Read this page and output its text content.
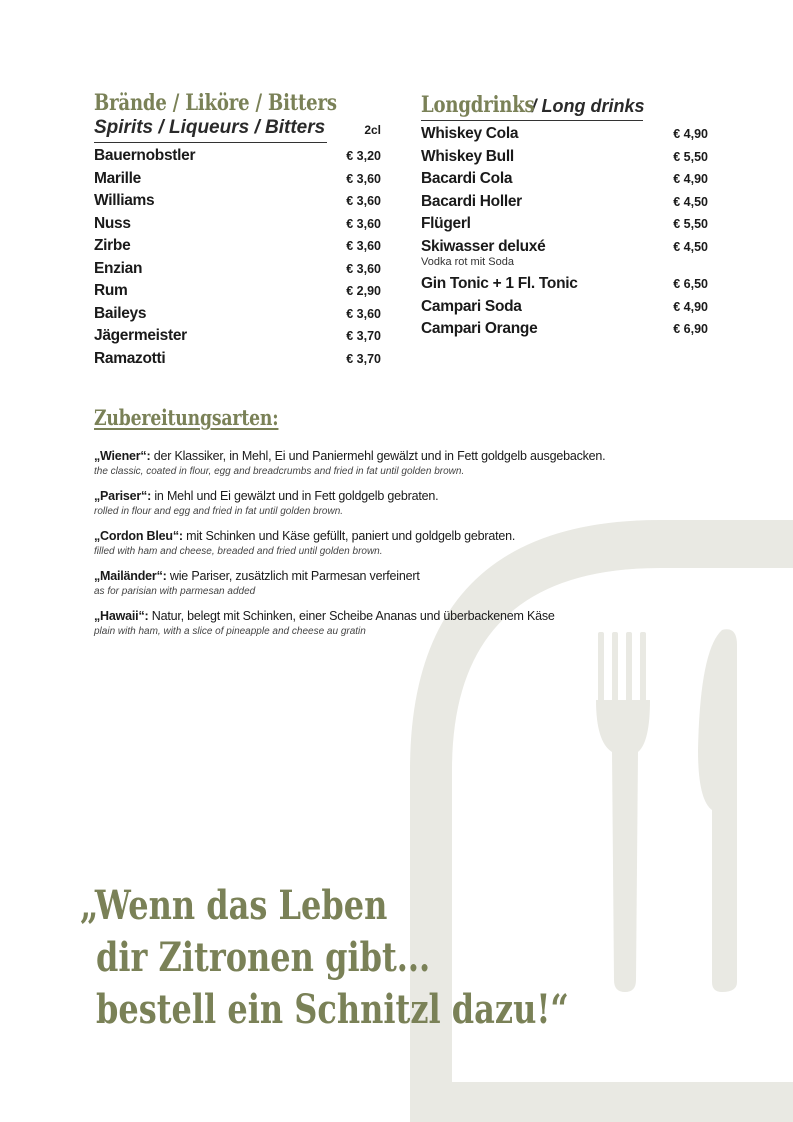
Brände / Liköre / Bitters
Spirits / Liqueurs / Bitters	2cl
Bauernobstler	€ 3,20
Marille	€ 3,60
Williams	€ 3,60
Nuss	€ 3,60
Zirbe	€ 3,60
Enzian	€ 3,60
Rum	€ 2,90
Baileys	€ 3,60
Jägermeister	€ 3,70
Ramazotti	€ 3,70
Longdrinks
/ Long drinks
Whiskey Cola	€ 4,90
Whiskey Bull	€ 5,50
Bacardi Cola	€ 4,90
Bacardi Holler	€ 4,50
Flügerl	€ 5,50
Skiwasser deluxé	€ 4,50
Vodka rot mit Soda
Gin Tonic + 1 Fl. Tonic	€ 6,50
Campari Soda	€ 4,90
Campari Orange	€ 6,90
Zubereitungsarten:
„Wiener“: der Klassiker, in Mehl, Ei und Paniermehl gewälzt und in Fett goldgelb ausgebacken.
the classic, coated in flour, egg and breadcrumbs and fried in fat until golden brown.
„Pariser“: in Mehl und Ei gewälzt und in Fett goldgelb gebraten.
rolled in flour and egg and fried in fat until golden brown.
„Cordon Bleu“: mit Schinken und Käse gefüllt, paniert und goldgelb gebraten.
filled with ham and cheese, breaded and fried until golden brown.
„Mailänder“: wie Pariser, zusätzlich mit Parmesan verfeinert
as for parisian with parmesan added
„Hawaii“: Natur, belegt mit Schinken, einer Scheibe Ananas und überbackenem Käse
plain with ham, with a slice of pineapple and cheese au gratin
„Wenn das Leben
dir Zitronen gibt...
bestell ein Schnitzl dazu!“
